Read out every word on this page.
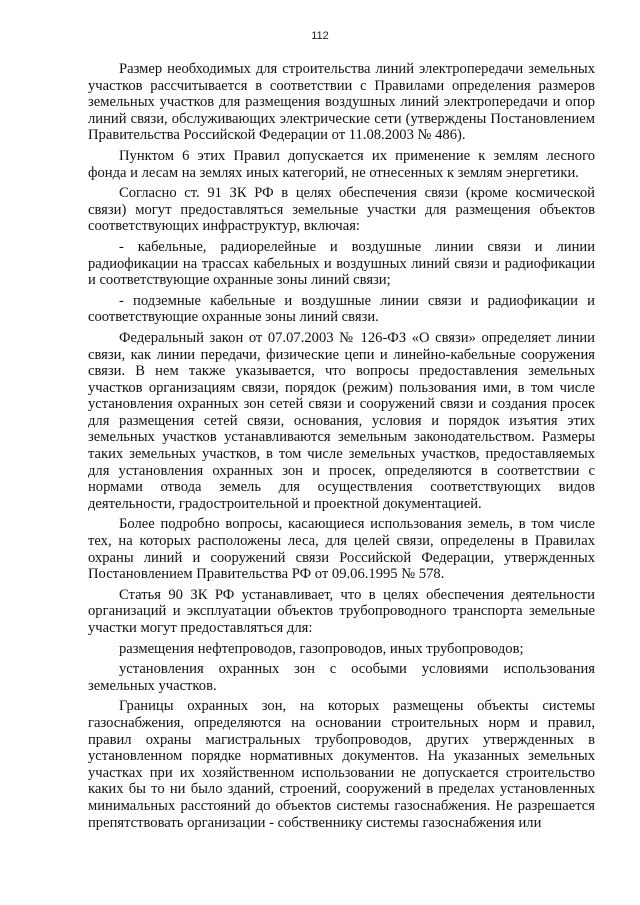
112

Размер необходимых для строительства линий электропередачи земельных участков рассчитывается в соответствии с Правилами определения размеров земельных участков для размещения воздушных линий электропередачи и опор линий связи, обслуживающих электрические сети (утверждены Постановлением Правительства Российской Федерации от 11.08.2003 № 486).

Пунктом 6 этих Правил допускается их применение к землям лесного фонда и лесам на землях иных категорий, не отнесенных к землям энергетики.

Согласно ст. 91 ЗК РФ в целях обеспечения связи (кроме космической связи) могут предоставляться земельные участки для размещения объектов соответствующих инфраструктур, включая:

- кабельные, радиорелейные и воздушные линии связи и линии радиофикации на трассах кабельных и воздушных линий связи и радиофикации и соответствующие охранные зоны линий связи;

- подземные кабельные и воздушные линии связи и радиофикации и соответствующие охранные зоны линий связи.

Федеральный закон от 07.07.2003 № 126-ФЗ «О связи» определяет линии связи, как линии передачи, физические цепи и линейно-кабельные сооружения связи. В нем также указывается, что вопросы предоставления земельных участков организациям связи, порядок (режим) пользования ими, в том числе установления охранных зон сетей связи и сооружений связи и создания просек для размещения сетей связи, основания, условия и порядок изъятия этих земельных участков устанавливаются земельным законодательством. Размеры таких земельных участков, в том числе земельных участков, предоставляемых для установления охранных зон и просек, определяются в соответствии с нормами отвода земель для осуществления соответствующих видов деятельности, градостроительной и проектной документацией.

Более подробно вопросы, касающиеся использования земель, в том числе тех, на которых расположены леса, для целей связи, определены в Правилах охраны линий и сооружений связи Российской Федерации, утвержденных Постановлением Правительства РФ от 09.06.1995 № 578.

Статья 90 ЗК РФ устанавливает, что в целях обеспечения деятельности организаций и эксплуатации объектов трубопроводного транспорта земельные участки могут предоставляться для:

размещения нефтепроводов, газопроводов, иных трубопроводов;

установления охранных зон с особыми условиями использования земельных участков.

Границы охранных зон, на которых размещены объекты системы газоснабжения, определяются на основании строительных норм и правил, правил охраны магистральных трубопроводов, других утвержденных в установленном порядке нормативных документов. На указанных земельных участках при их хозяйственном использовании не допускается строительство каких бы то ни было зданий, строений, сооружений в пределах установленных минимальных расстояний до объектов системы газоснабжения. Не разрешается препятствовать организации - собственнику системы газоснабжения или
